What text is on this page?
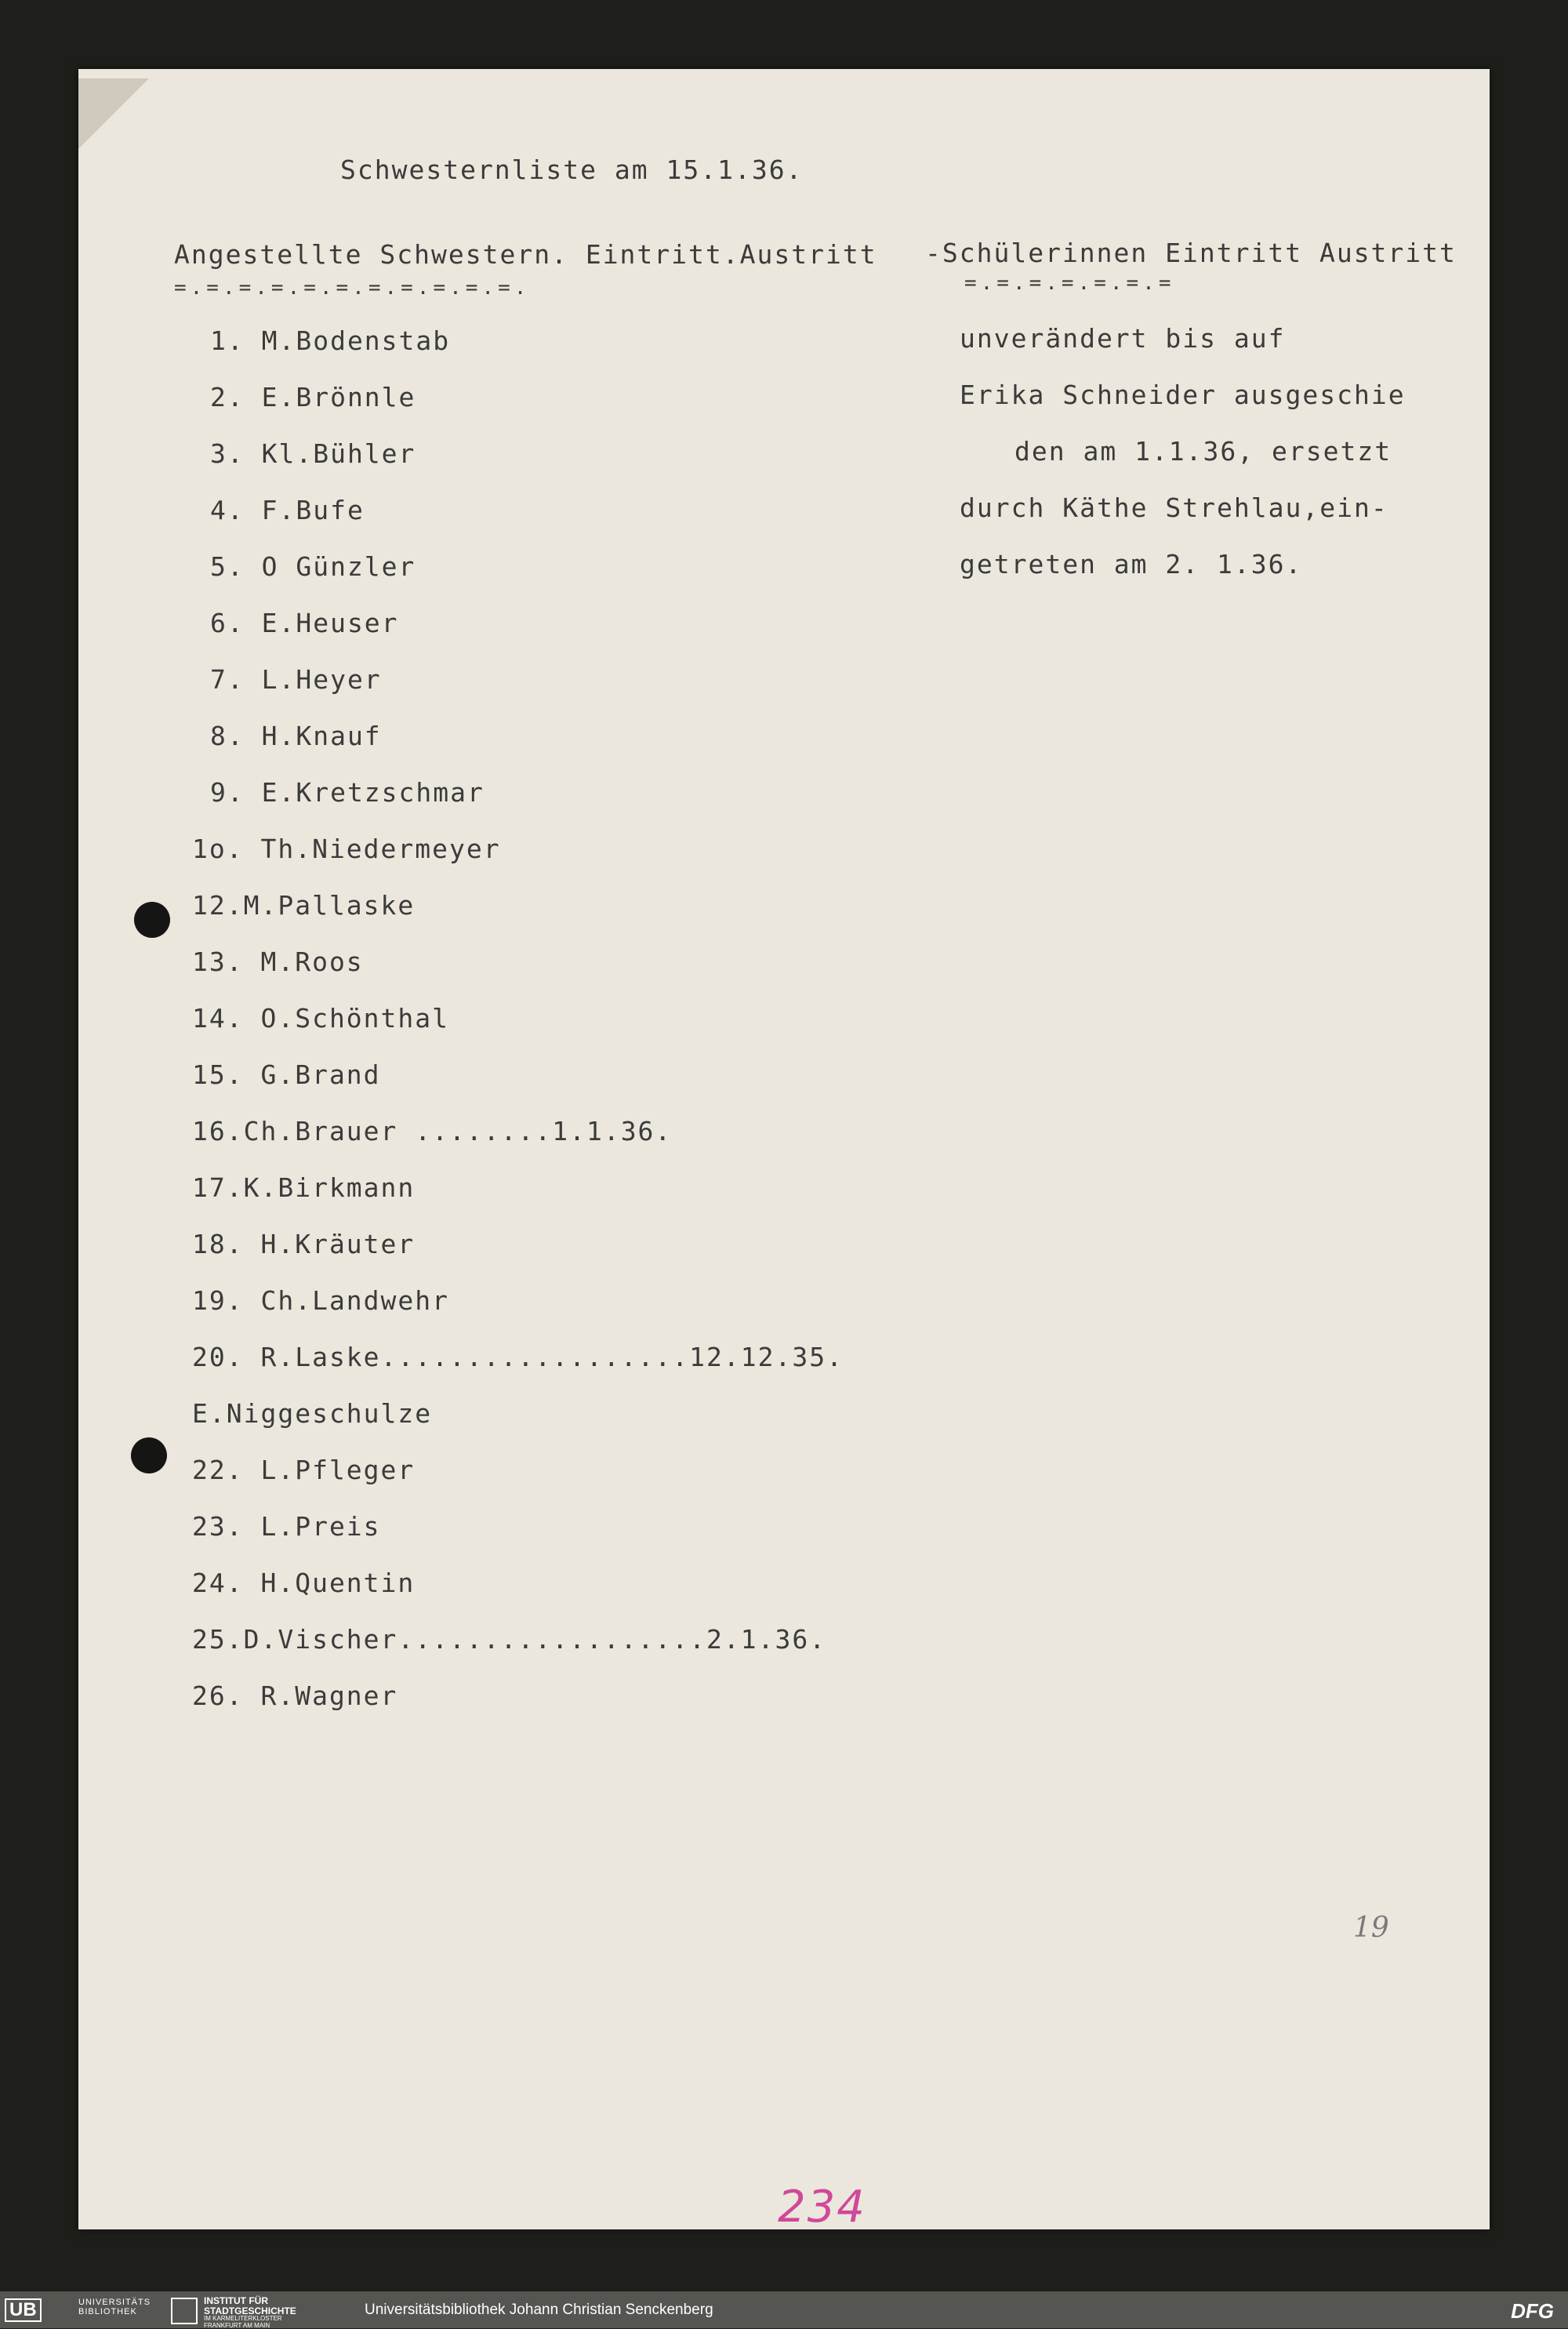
Schwesternliste am 15.1.36.
Angestellte Schwestern. Eintritt.Austritt -Schülerinnen Eintritt Austritt
=.=.=.=.=.=.=.=.=.=.=.	=.=.=.=.=.=.=
1. M.Bodenstab
2. E.Brönnle
3. Kl.Bühler
4. F.Bufe
5. O Günzler
6. E.Heuser
7. L.Heyer
8. H.Knauf
9. E.Kretzschmar
1o. Th.Niedermeyer
12.M.Pallaske
13. M.Roos
14. O.Schönthal
15. G.Brand
16.Ch.Brauer ........1.1.36.
17.K.Birkmann
18. H.Kräuter
19. Ch.Landwehr
20. R.Laske..................12.12.35.
E.Niggeschulze
22. L.Pfleger
23. L.Preis
24. H.Quentin
25.D.Vischer..................2.1.36.
26. R.Wagner
unverändert bis auf
Erika Schneider ausgeschie
den am 1.1.36, ersetzt
durch Käthe Strehlau,ein-
getreten am 2. 1.36.
19
234
UB	UNIVERSITÄTS
BIBLIOTHEK
INSTITUT FÜR
STADTGESCHICHTE
IM KARMELITERKLOSTER
FRANKFURT AM MAIN
Universitätsbibliothek Johann Christian Senckenberg	DFG
